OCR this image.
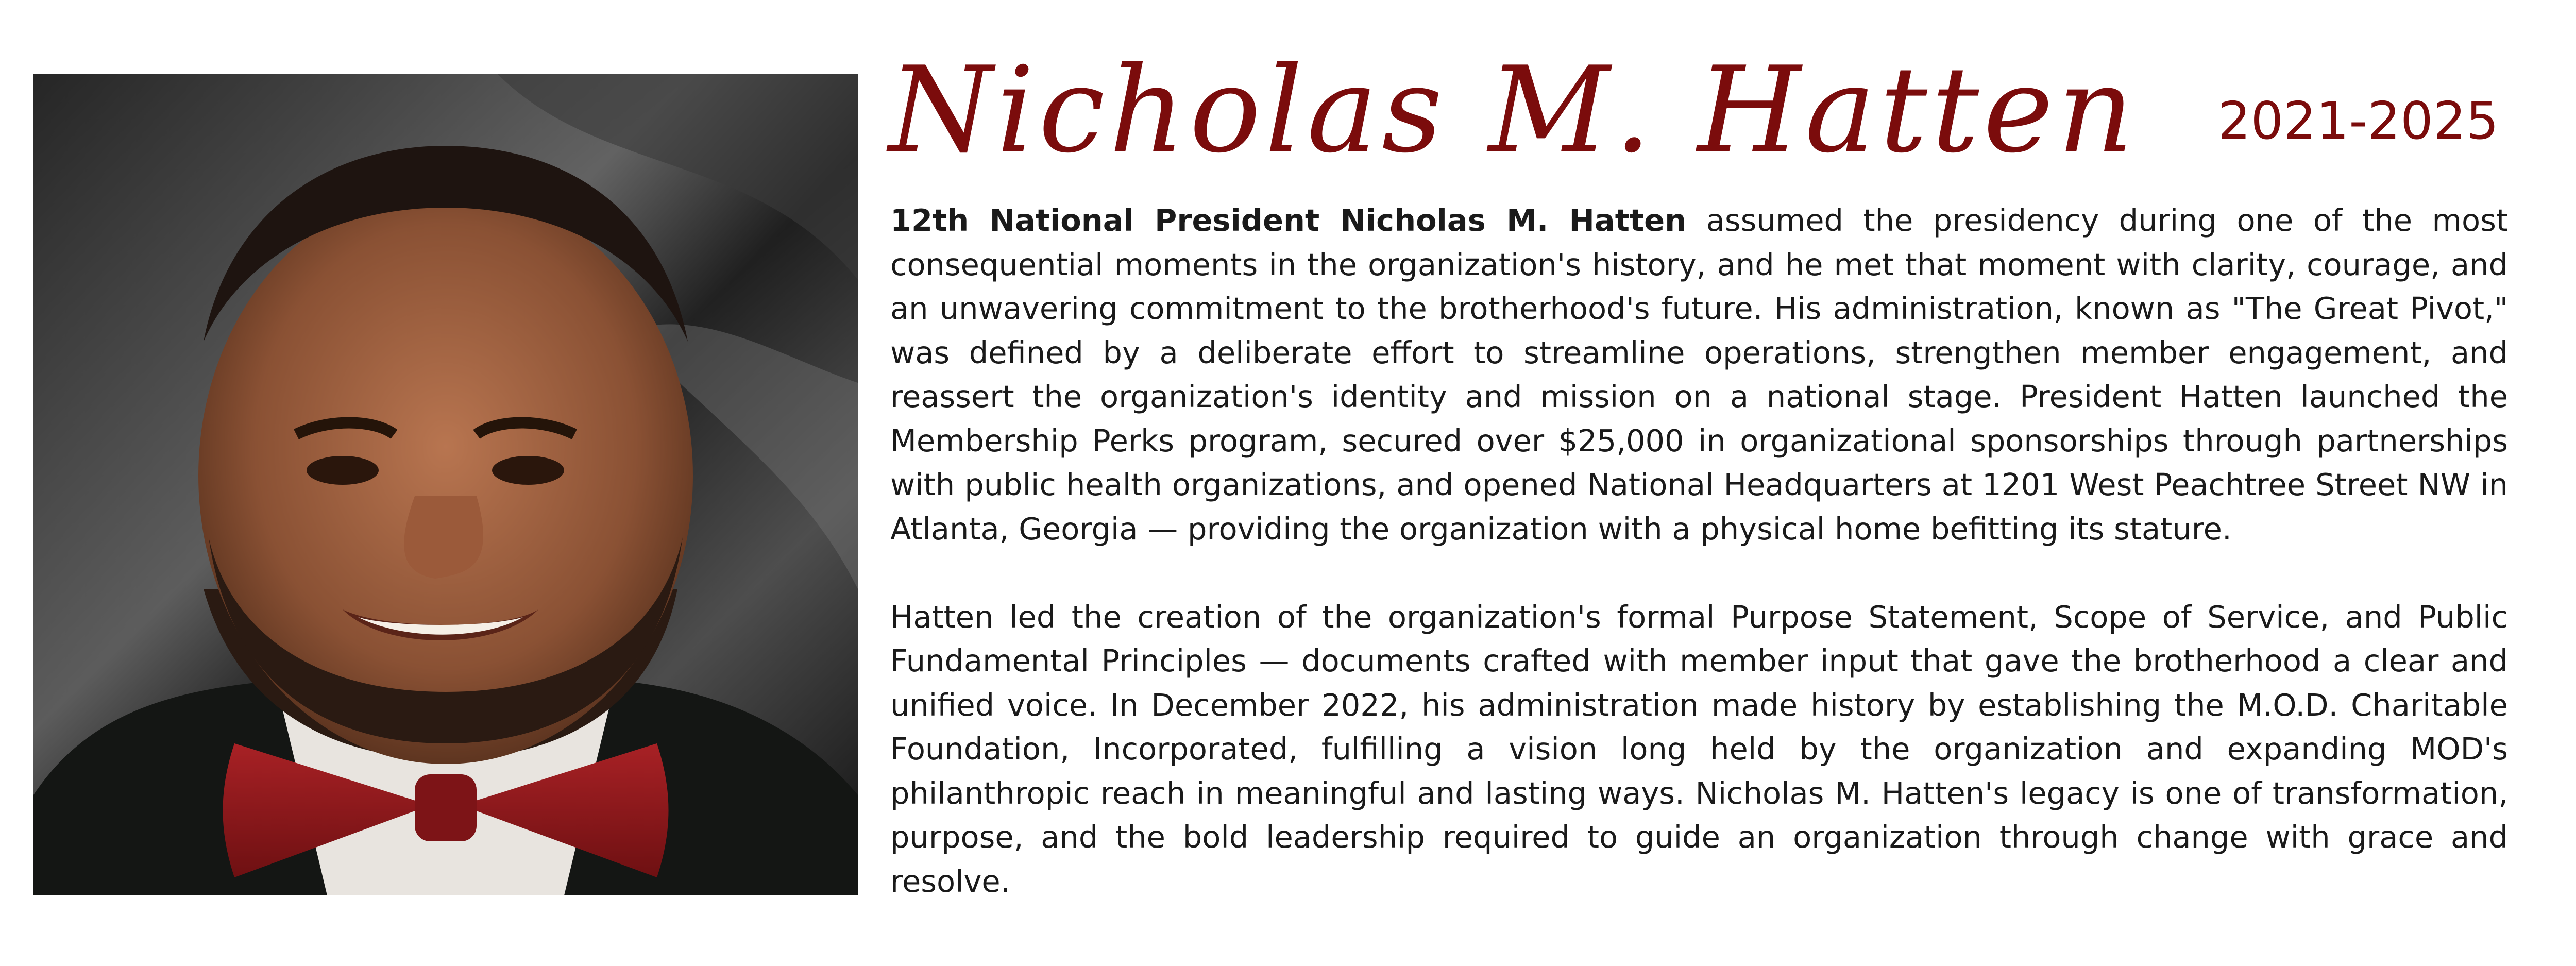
Nicholas M. Hatten	2021-2025

12th National President Nicholas M. Hatten assumed the presidency during one of the most consequential moments in the organization's history, and he met that moment with clarity, courage, and an unwavering commitment to the brotherhood's future. His administration, known as "The Great Pivot," was defined by a deliberate effort to streamline operations, strengthen member engagement, and reassert the organization's identity and mission on a national stage. President Hatten launched the Membership Perks program, secured over $25,000 in organizational sponsorships through partnerships with public health organizations, and opened National Headquarters at 1201 West Peachtree Street NW in Atlanta, Georgia — providing the organization with a physical home befitting its stature.

Hatten led the creation of the organization's formal Purpose Statement, Scope of Service, and Public Fundamental Principles — documents crafted with member input that gave the brotherhood a clear and unified voice. In December 2022, his administration made history by establishing the M.O.D. Charitable Foundation, Incorporated, fulfilling a vision long held by the organization and expanding MOD's philanthropic reach in meaningful and lasting ways. Nicholas M. Hatten's legacy is one of transformation, purpose, and the bold leadership required to guide an organization through change with grace and resolve.
